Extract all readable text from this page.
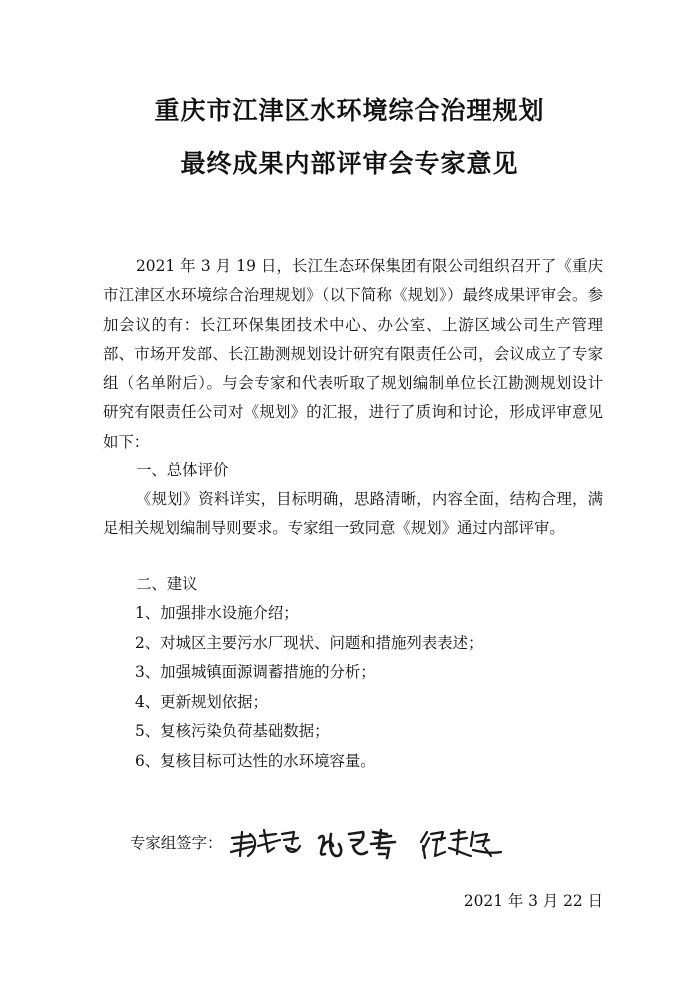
重庆市江津区水环境综合治理规划
最终成果内部评审会专家意见
2021 年 3 月 19 日，长江生态环保集团有限公司组织召开了《重庆市江津区水环境综合治理规划》（以下简称《规划》）最终成果评审会。参加会议的有：长江环保集团技术中心、办公室、上游区域公司生产管理部、市场开发部、长江勘测规划设计研究有限责任公司，会议成立了专家组（名单附后）。与会专家和代表听取了规划编制单位长江勘测规划设计研究有限责任公司对《规划》的汇报，进行了质询和讨论，形成评审意见如下：
一、总体评价
《规划》资料详实，目标明确，思路清晰，内容全面，结构合理，满足相关规划编制导则要求。专家组一致同意《规划》通过内部评审。
二、建议
1、加强排水设施介绍；
2、对城区主要污水厂现状、问题和措施列表表述；
3、加强城镇面源调蓄措施的分析；
4、更新规划依据；
5、复核污染负荷基础数据；
6、复核目标可达性的水环境容量。
专家组签字：
2021 年 3 月 22 日
